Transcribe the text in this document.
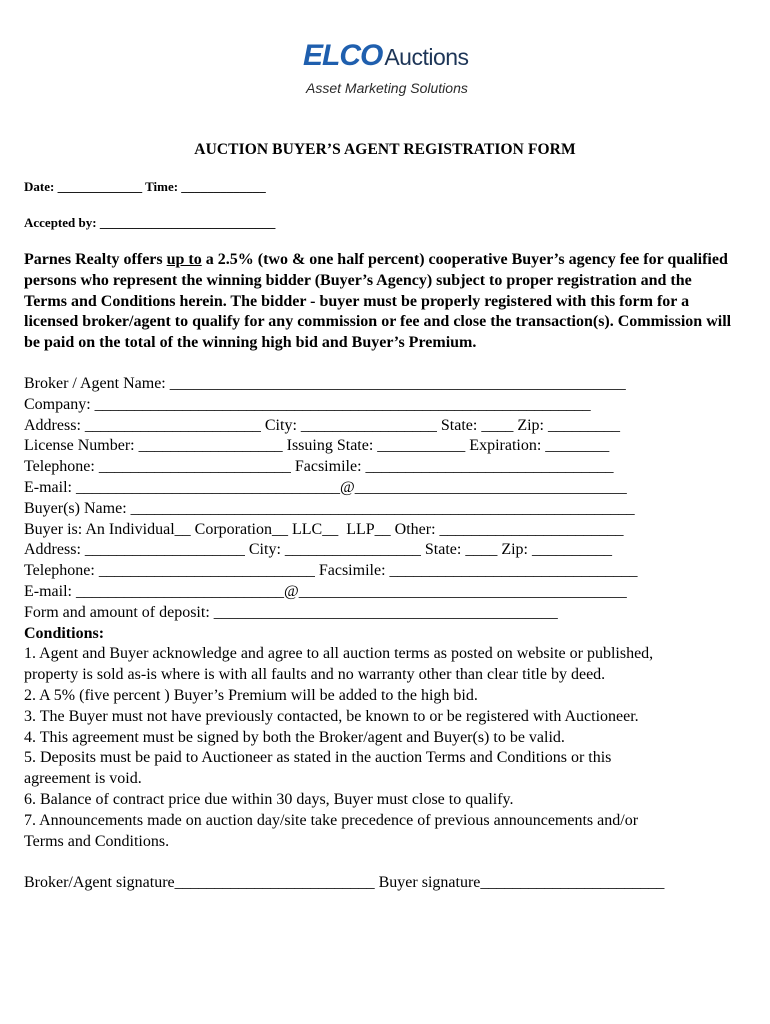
ELCOAuctions
Asset Marketing Solutions
AUCTION BUYER’S AGENT REGISTRATION FORM
Date: _____________ Time: _____________
Accepted by: ___________________________
Parnes Realty offers up to a 2.5% (two & one half percent) cooperative Buyer’s agency fee for qualified persons who represent the winning bidder (Buyer’s Agency) subject to proper registration and the Terms and Conditions herein. The bidder - buyer must be properly registered with this form for a licensed broker/agent to qualify for any commission or fee and close the transaction(s). Commission will be paid on the total of the winning high bid and Buyer’s Premium.
Broker / Agent Name: _________________________________________________________
Company: ______________________________________________________________
Address: ______________________ City: _________________ State: ____ Zip: _________
License Number: __________________ Issuing State: ___________ Expiration: ________
Telephone: ________________________ Facsimile: _______________________________
E-mail: _________________________________@__________________________________
Buyer(s) Name: _______________________________________________________________
Buyer is: An Individual__ Corporation__ LLC__  LLP__ Other: _______________________
Address: ____________________ City: _________________ State: ____ Zip: __________
Telephone: ___________________________ Facsimile: _______________________________
E-mail: __________________________@_________________________________________
Form and amount of deposit: ___________________________________________
Conditions:
1. Agent and Buyer acknowledge and agree to all auction terms as posted on website or published,
property is sold as-is where is with all faults and no warranty other than clear title by deed.
2. A 5% (five percent ) Buyer’s Premium will be added to the high bid.
3. The Buyer must not have previously contacted, be known to or be registered with Auctioneer.
4. This agreement must be signed by both the Broker/agent and Buyer(s) to be valid.
5. Deposits must be paid to Auctioneer as stated in the auction Terms and Conditions or this
agreement is void.
6. Balance of contract price due within 30 days, Buyer must close to qualify.
7. Announcements made on auction day/site take precedence of previous announcements and/or
Terms and Conditions.
Broker/Agent signature_________________________ Buyer signature_______________________
